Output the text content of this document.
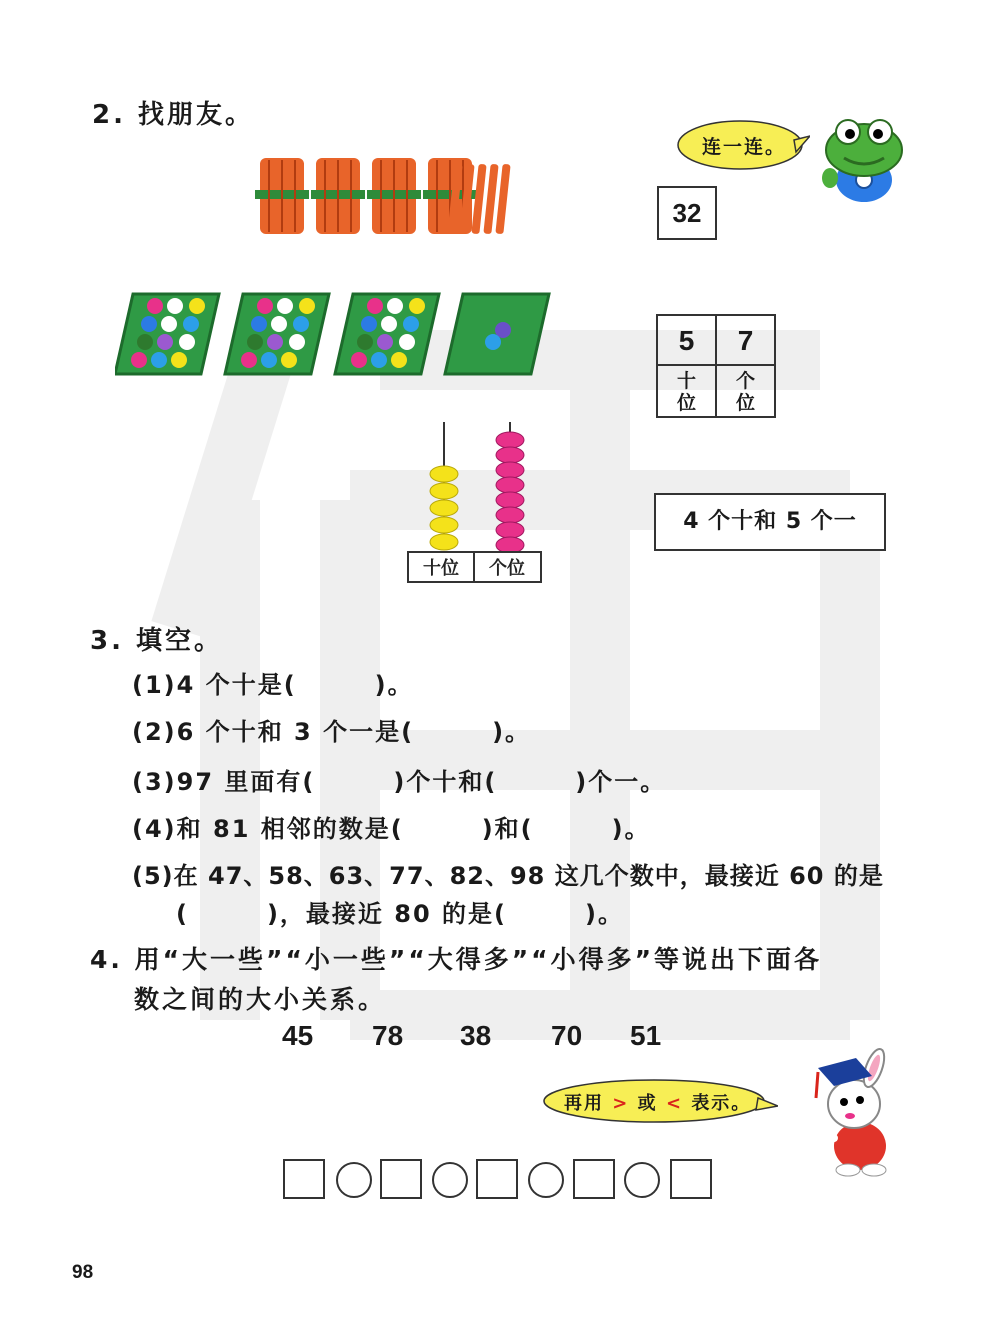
2. 找朋友。
十位 个位
连一连。
32
5	7
十位
个位
4 个十和 5 个一
3. 填空。
(1)4 个十是(　　　)。
(2)6 个十和 3 个一是(　　　)。
(3)97 里面有(　　　)个十和(　　　)个一。
(4)和 81 相邻的数是(　　　)和(　　　)。
(5)在 47、58、63、77、82、98 这几个数中，最接近 60 的是
(　　　)，最接近 80 的是(　　　)。
4. 用“大一些”“小一些”“大得多”“小得多”等说出下面各
数之间的大小关系。
45 78 38 70 51
再用 > 或 < 表示。
98
